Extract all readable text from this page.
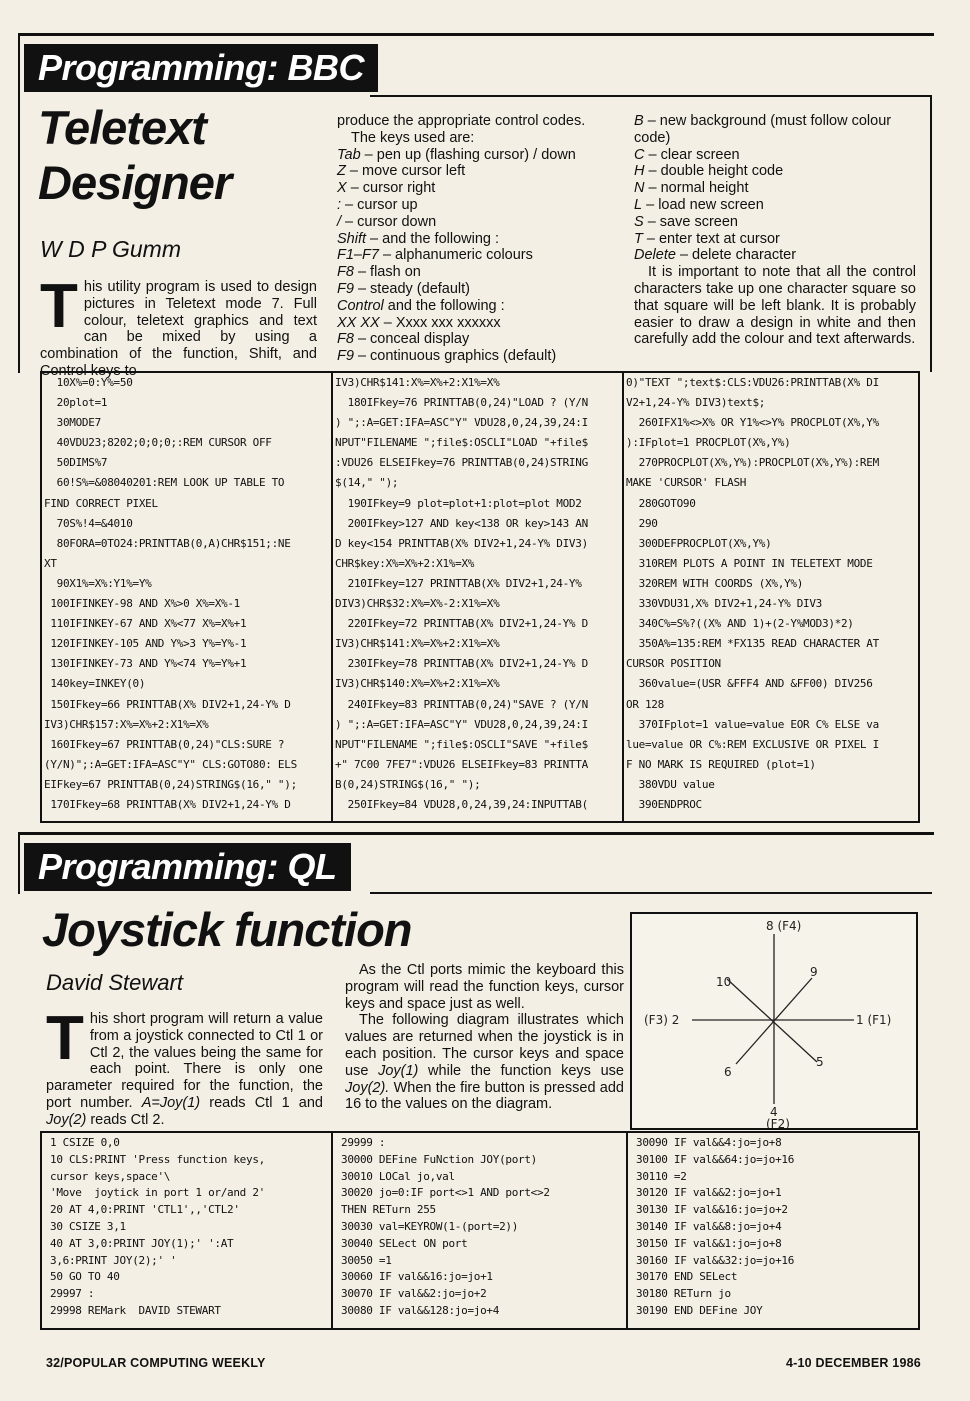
Programming: BBC
Teletext
Designer
W D P Gumm
This utility program is used to design pictures in Teletext mode 7. Full colour, teletext graphics and text can be mixed by using a combination of the function, Shift, and Control keys to

produce the appropriate control codes.

The keys used are:

Tab – pen up (flashing cursor) / down

Z – move cursor left

X – cursor right

: – cursor up

/ – cursor down

Shift – and the following :

F1–F7 – alphanumeric colours

F8 – flash on

F9 – steady (default)

Control and the following :

XX XX – Xxxx xxx xxxxxx

F8 – conceal display

F9 – continuous graphics (default)

B – new background (must follow colour code)

C – clear screen

H – double height code

N – normal height

L – load new screen

S – save screen

T – enter text at cursor

Delete – delete character

It is important to note that all the control characters take up one character square so that square will be left blank. It is probably easier to draw a design in white and then carefully add the colour and text afterwards.

10X%=0:Y%=50
20plot=1
30MODE7
40VDU23;8202;0;0;0;:REM CURSOR OFF
50DIMS%7
60!S%=&08040201:REM LOOK UP TABLE TO
FIND CORRECT PIXEL
70S%!4=&4010
80FORA=0TO24:PRINTTAB(0,A)CHR$151;:NE
XT
90X1%=X%:Y1%=Y%
100IFINKEY-98 AND X%>0 X%=X%-1
110IFINKEY-67 AND X%<77 X%=X%+1
120IFINKEY-105 AND Y%>3 Y%=Y%-1
130IFINKEY-73 AND Y%<74 Y%=Y%+1
140key=INKEY(0)
150IFkey=66 PRINTTAB(X% DIV2+1,24-Y% D
IV3)CHR$157:X%=X%+2:X1%=X%
160IFkey=67 PRINTTAB(0,24)"CLS:SURE ?
(Y/N)";:A=GET:IFA=ASC"Y" CLS:GOTO80: ELS
EIFkey=67 PRINTTAB(0,24)STRING$(16," ");
170IFkey=68 PRINTTAB(X% DIV2+1,24-Y% D
IV3)CHR$141:X%=X%+2:X1%=X%
180IFkey=76 PRINTTAB(0,24)"LOAD ? (Y/N
) ";:A=GET:IFA=ASC"Y" VDU28,0,24,39,24:I
NPUT"FILENAME ";file$:OSCLI"LOAD "+file$
:VDU26 ELSEIFkey=76 PRINTTAB(0,24)STRING
$(14," ");
190IFkey=9 plot=plot+1:plot=plot MOD2
200IFkey>127 AND key<138 OR key>143 AN
D key<154 PRINTTAB(X% DIV2+1,24-Y% DIV3)
CHR$key:X%=X%+2:X1%=X%
210IFkey=127 PRINTTAB(X% DIV2+1,24-Y%
DIV3)CHR$32:X%=X%-2:X1%=X%
220IFkey=72 PRINTTAB(X% DIV2+1,24-Y% D
IV3)CHR$141:X%=X%+2:X1%=X%
230IFkey=78 PRINTTAB(X% DIV2+1,24-Y% D
IV3)CHR$140:X%=X%+2:X1%=X%
240IFkey=83 PRINTTAB(0,24)"SAVE ? (Y/N
) ";:A=GET:IFA=ASC"Y" VDU28,0,24,39,24:I
NPUT"FILENAME ";file$:OSCLI"SAVE "+file$
+" 7C00 7FE7":VDU26 ELSEIFkey=83 PRINTTA
B(0,24)STRING$(16," ");
250IFkey=84 VDU28,0,24,39,24:INPUTTAB(
0)"TEXT ";text$:CLS:VDU26:PRINTTAB(X% DI
V2+1,24-Y% DIV3)text$;
260IFX1%<>X% OR Y1%<>Y% PROCPLOT(X%,Y%
):IFplot=1 PROCPLOT(X%,Y%)
270PROCPLOT(X%,Y%):PROCPLOT(X%,Y%):REM
MAKE 'CURSOR' FLASH
280GOTO90
290
300DEFPROCPLOT(X%,Y%)
310REM PLOTS A POINT IN TELETEXT MODE
320REM WITH COORDS (X%,Y%)
330VDU31,X% DIV2+1,24-Y% DIV3
340C%=S%?((X% AND 1)+(2-Y%MOD3)*2)
350A%=135:REM *FX135 READ CHARACTER AT
CURSOR POSITION
360value=(USR &FFF4 AND &FF00) DIV256
OR 128
370IFplot=1 value=value EOR C% ELSE va
lue=value OR C%:REM EXCLUSIVE OR PIXEL I
F NO MARK IS REQUIRED (plot=1)
380VDU value
390ENDPROC
Programming: QL
Joystick function
David Stewart
This short program will return a value from a joystick connected to Ctl 1 or Ctl 2, the values being the same for each point. There is only one parameter required for the function, the port number. A=Joy(1) reads Ctl 1 and Joy(2) reads Ctl 2.

As the Ctl ports mimic the keyboard this program will read the function keys, cursor keys and space just as well.

The following diagram illustrates which values are returned when the joystick is in each position. The cursor keys and space use Joy(1) while the function keys use Joy(2). When the fire button is pressed add 16 to the values on the diagram.

8 (F4)
9
1 (F1)
5
4
(F2)
6
(F3) 2
10
1 CSIZE 0,0
10 CLS:PRINT 'Press function keys,
cursor keys,space'\
'Move  joytick in port 1 or/and 2'
20 AT 4,0:PRINT 'CTL1',,'CTL2'
30 CSIZE 3,1
40 AT 3,0:PRINT JOY(1);' ':AT
3,6:PRINT JOY(2);' '
50 GO TO 40
29997 :
29998 REMark  DAVID STEWART
29999 :
30000 DEFine FuNction JOY(port)
30010 LOCal jo,val
30020 jo=0:IF port<>1 AND port<>2
THEN RETurn 255
30030 val=KEYROW(1-(port=2))
30040 SELect ON port
30050 =1
30060 IF val&&16:jo=jo+1
30070 IF val&&2:jo=jo+2
30080 IF val&&128:jo=jo+4
30090 IF val&&4:jo=jo+8
30100 IF val&&64:jo=jo+16
30110 =2
30120 IF val&&2:jo=jo+1
30130 IF val&&16:jo=jo+2
30140 IF val&&8:jo=jo+4
30150 IF val&&1:jo=jo+8
30160 IF val&&32:jo=jo+16
30170 END SELect
30180 RETurn jo
30190 END DEFine JOY
32/POPULAR COMPUTING WEEKLY	4-10 DECEMBER 1986
